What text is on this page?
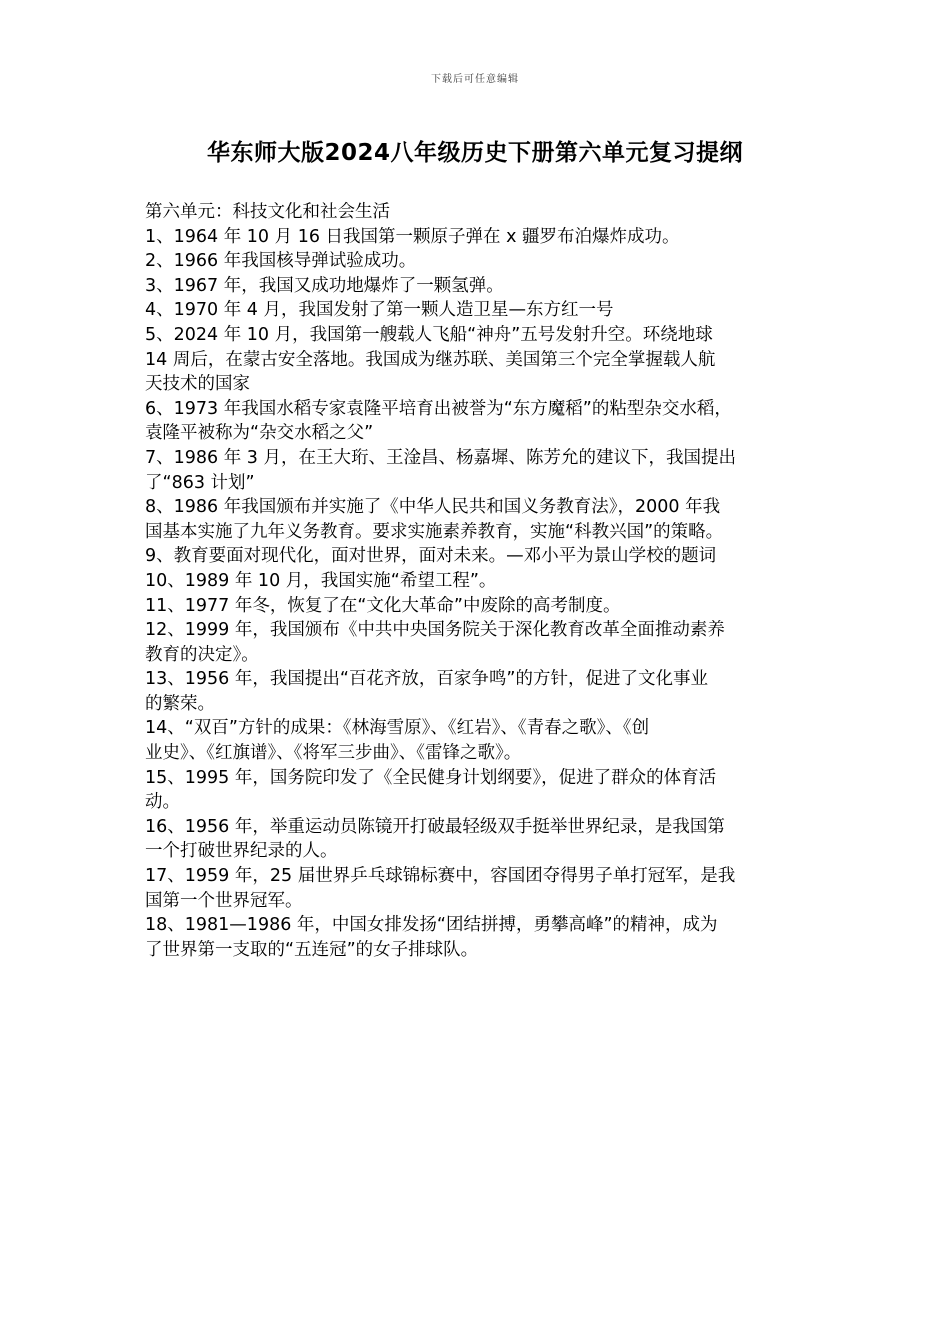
下载后可任意编辑
华东师大版2024八年级历史下册第六单元复习提纲
第六单元：科技文化和社会生活
1、1964 年 10 月 16 日我国第一颗原子弹在 x 疆罗布泊爆炸成功。
2、1966 年我国核导弹试验成功。
3、1967 年，我国又成功地爆炸了一颗氢弹。
4、1970 年 4 月，我国发射了第一颗人造卫星—东方红一号
5、2024 年 10 月，我国第一艘载人飞船“神舟”五号发射升空。环绕地球
14 周后，在蒙古安全落地。我国成为继苏联、美国第三个完全掌握载人航
天技术的国家
6、1973 年我国水稻专家袁隆平培育出被誉为“东方魔稻”的粘型杂交水稻，
袁隆平被称为“杂交水稻之父”
7、1986 年 3 月，在王大珩、王淦昌、杨嘉墀、陈芳允的建议下，我国提出
了“863 计划”
8、1986 年我国颁布并实施了《中华人民共和国义务教育法》，2000 年我
国基本实施了九年义务教育。要求实施素养教育，实施“科教兴国”的策略。
9、教育要面对现代化，面对世界，面对未来。—邓小平为景山学校的题词
10、1989 年 10 月，我国实施“希望工程”。
11、1977 年冬，恢复了在“文化大革命”中废除的高考制度。
12、1999 年，我国颁布《中共中央国务院关于深化教育改革全面推动素养
教育的决定》。
13、1956 年，我国提出“百花齐放，百家争鸣”的方针，促进了文化事业
的繁荣。
14、“双百”方针的成果：《林海雪原》、《红岩》、《青春之歌》、《创
业史》、《红旗谱》、《将军三步曲》、《雷锋之歌》。
15、1995 年，国务院印发了《全民健身计划纲要》，促进了群众的体育活
动。
16、1956 年，举重运动员陈镜开打破最轻级双手挺举世界纪录，是我国第
一个打破世界纪录的人。
17、1959 年，25 届世界乒乓球锦标赛中，容国团夺得男子单打冠军，是我
国第一个世界冠军。
18、1981—1986 年，中国女排发扬“团结拼搏，勇攀高峰”的精神，成为
了世界第一支取的“五连冠”的女子排球队。
